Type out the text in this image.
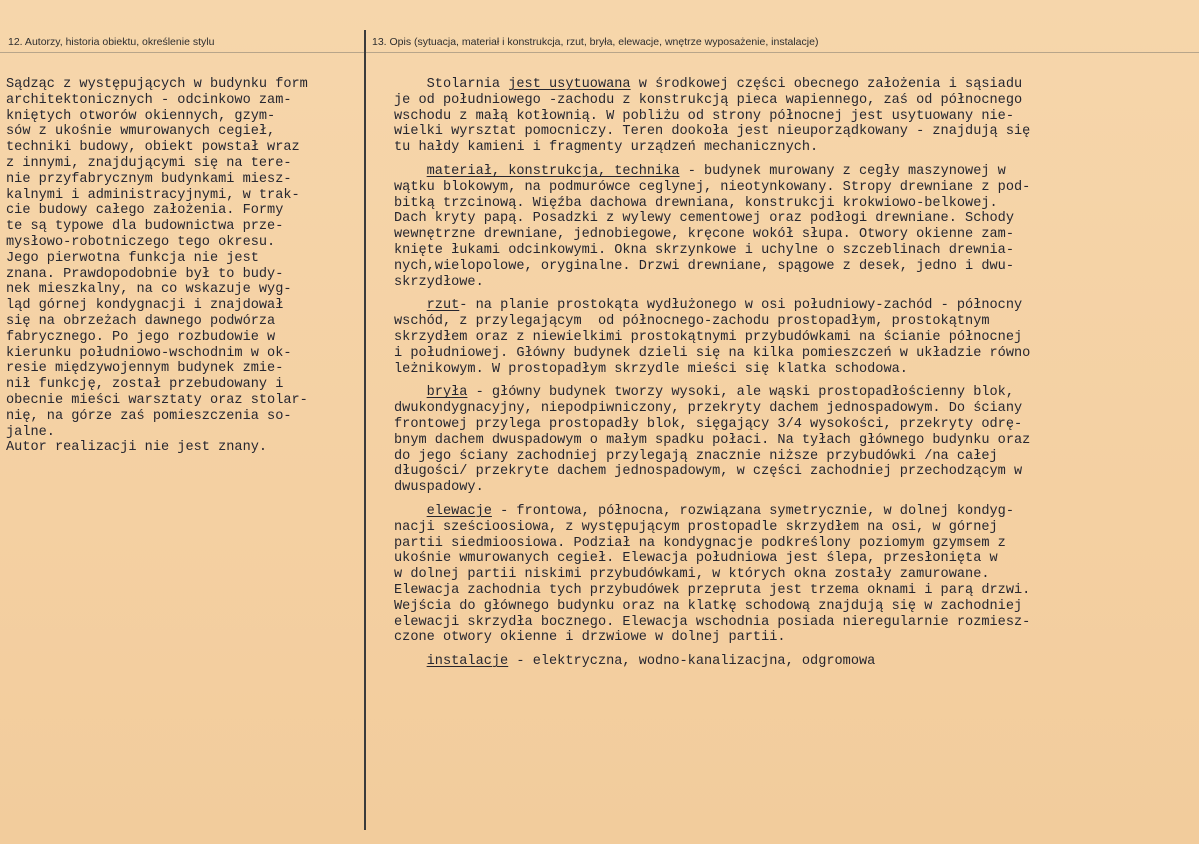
12. Autorzy, historia obiektu, określenie stylu	13. Opis (sytuacja, materiał i konstrukcja, rzut, bryła, elewacje, wnętrze wyposażenie, instalacje)
Sądząc z występujących w budynku form
architektonicznych - odcinkowo zam-
kniętych otworów okiennych, gzym-
sów z ukośnie wmurowanych cegieł,
techniki budowy, obiekt powstał wraz
z innymi, znajdującymi się na tere-
nie przyfabrycznym budynkami miesz-
kalnymi i administracyjnymi, w trak-
cie budowy całego założenia. Formy
te są typowe dla budownictwa prze-
mysłowo-robotniczego tego okresu.
Jego pierwotna funkcja nie jest
znana. Prawdopodobnie był to budy-
nek mieszkalny, na co wskazuje wyg-
ląd górnej kondygnacji i znajdował
się na obrzeżach dawnego podwórza
fabrycznego. Po jego rozbudowie w
kierunku południowo-wschodnim w ok-
resie międzywojennym budynek zmie-
nił funkcję, został przebudowany i
obecnie mieści warsztaty oraz stolar-
nię, na górze zaś pomieszczenia so-
jalne.
Autor realizacji nie jest znany.
Stolarnia jest usytuowana w środkowej części obecnego założenia i sąsiadu
je od południowego -zachodu z konstrukcją pieca wapiennego, zaś od północnego
wschodu z małą kotłownią. W pobliżu od strony północnej jest usytuowany nie-
wielki wyrsztat pomocniczy. Teren dookoła jest nieuporządkowany - znajdują się
tu hałdy kamieni i fragmenty urządzeń mechanicznych.
materiał, konstrukcja, technika - budynek murowany z cegły maszynowej w
wątku blokowym, na podmurówce ceglynej, nieotynkowany. Stropy drewniane z pod-
bitką trzcinową. Więźba dachowa drewniana, konstrukcji krokwiowo-belkowej.
Dach kryty papą. Posadzki z wylewy cementowej oraz podłogi drewniane. Schody
wewnętrzne drewniane, jednobiegowe, kręcone wokół słupa. Otwory okienne zam-
knięte łukami odcinkowymi. Okna skrzynkowe i uchylne o szczeblinach drewnia-
nych,wielopolowe, oryginalne. Drzwi drewniane, spągowe z desek, jedno i dwu-
skrzydłowe.
rzut- na planie prostokąta wydłużonego w osi południowy-zachód - północny
wschód, z przylegającym  od północnego-zachodu prostopadłym, prostokątnym
skrzydłem oraz z niewielkimi prostokątnymi przybudówkami na ścianie północnej
i południowej. Główny budynek dzieli się na kilka pomieszczeń w układzie równo
leżnikowym. W prostopadłym skrzydle mieści się klatka schodowa.
bryła - główny budynek tworzy wysoki, ale wąski prostopadłościenny blok,
dwukondygnacyjny, niepodpiwniczony, przekryty dachem jednospadowym. Do ściany
frontowej przylega prostopadły blok, sięgający 3/4 wysokości, przekryty odrę-
bnym dachem dwuspadowym o małym spadku połaci. Na tyłach głównego budynku oraz
do jego ściany zachodniej przylegają znacznie niższe przybudówki /na całej
długości/ przekryte dachem jednospadowym, w części zachodniej przechodzącym w
dwuspadowy.
elewacje - frontowa, północna, rozwiązana symetrycznie, w dolnej kondyg-
nacji sześcioosiowa, z występującym prostopadle skrzydłem na osi, w górnej
partii siedmioosiowa. Podział na kondygnacje podkreślony poziomym gzymsem z
ukośnie wmurowanych cegieł. Elewacja południowa jest ślepa, przesłonięta w
w dolnej partii niskimi przybudówkami, w których okna zostały zamurowane.
Elewacja zachodnia tych przybudówek przepruta jest trzema oknami i parą drzwi.
Wejścia do głównego budynku oraz na klatkę schodową znajdują się w zachodniej
elewacji skrzydła bocznego. Elewacja wschodnia posiada nieregularnie rozmiesz-
czone otwory okienne i drzwiowe w dolnej partii.
instalacje - elektryczna, wodno-kanalizacjna, odgromowa
